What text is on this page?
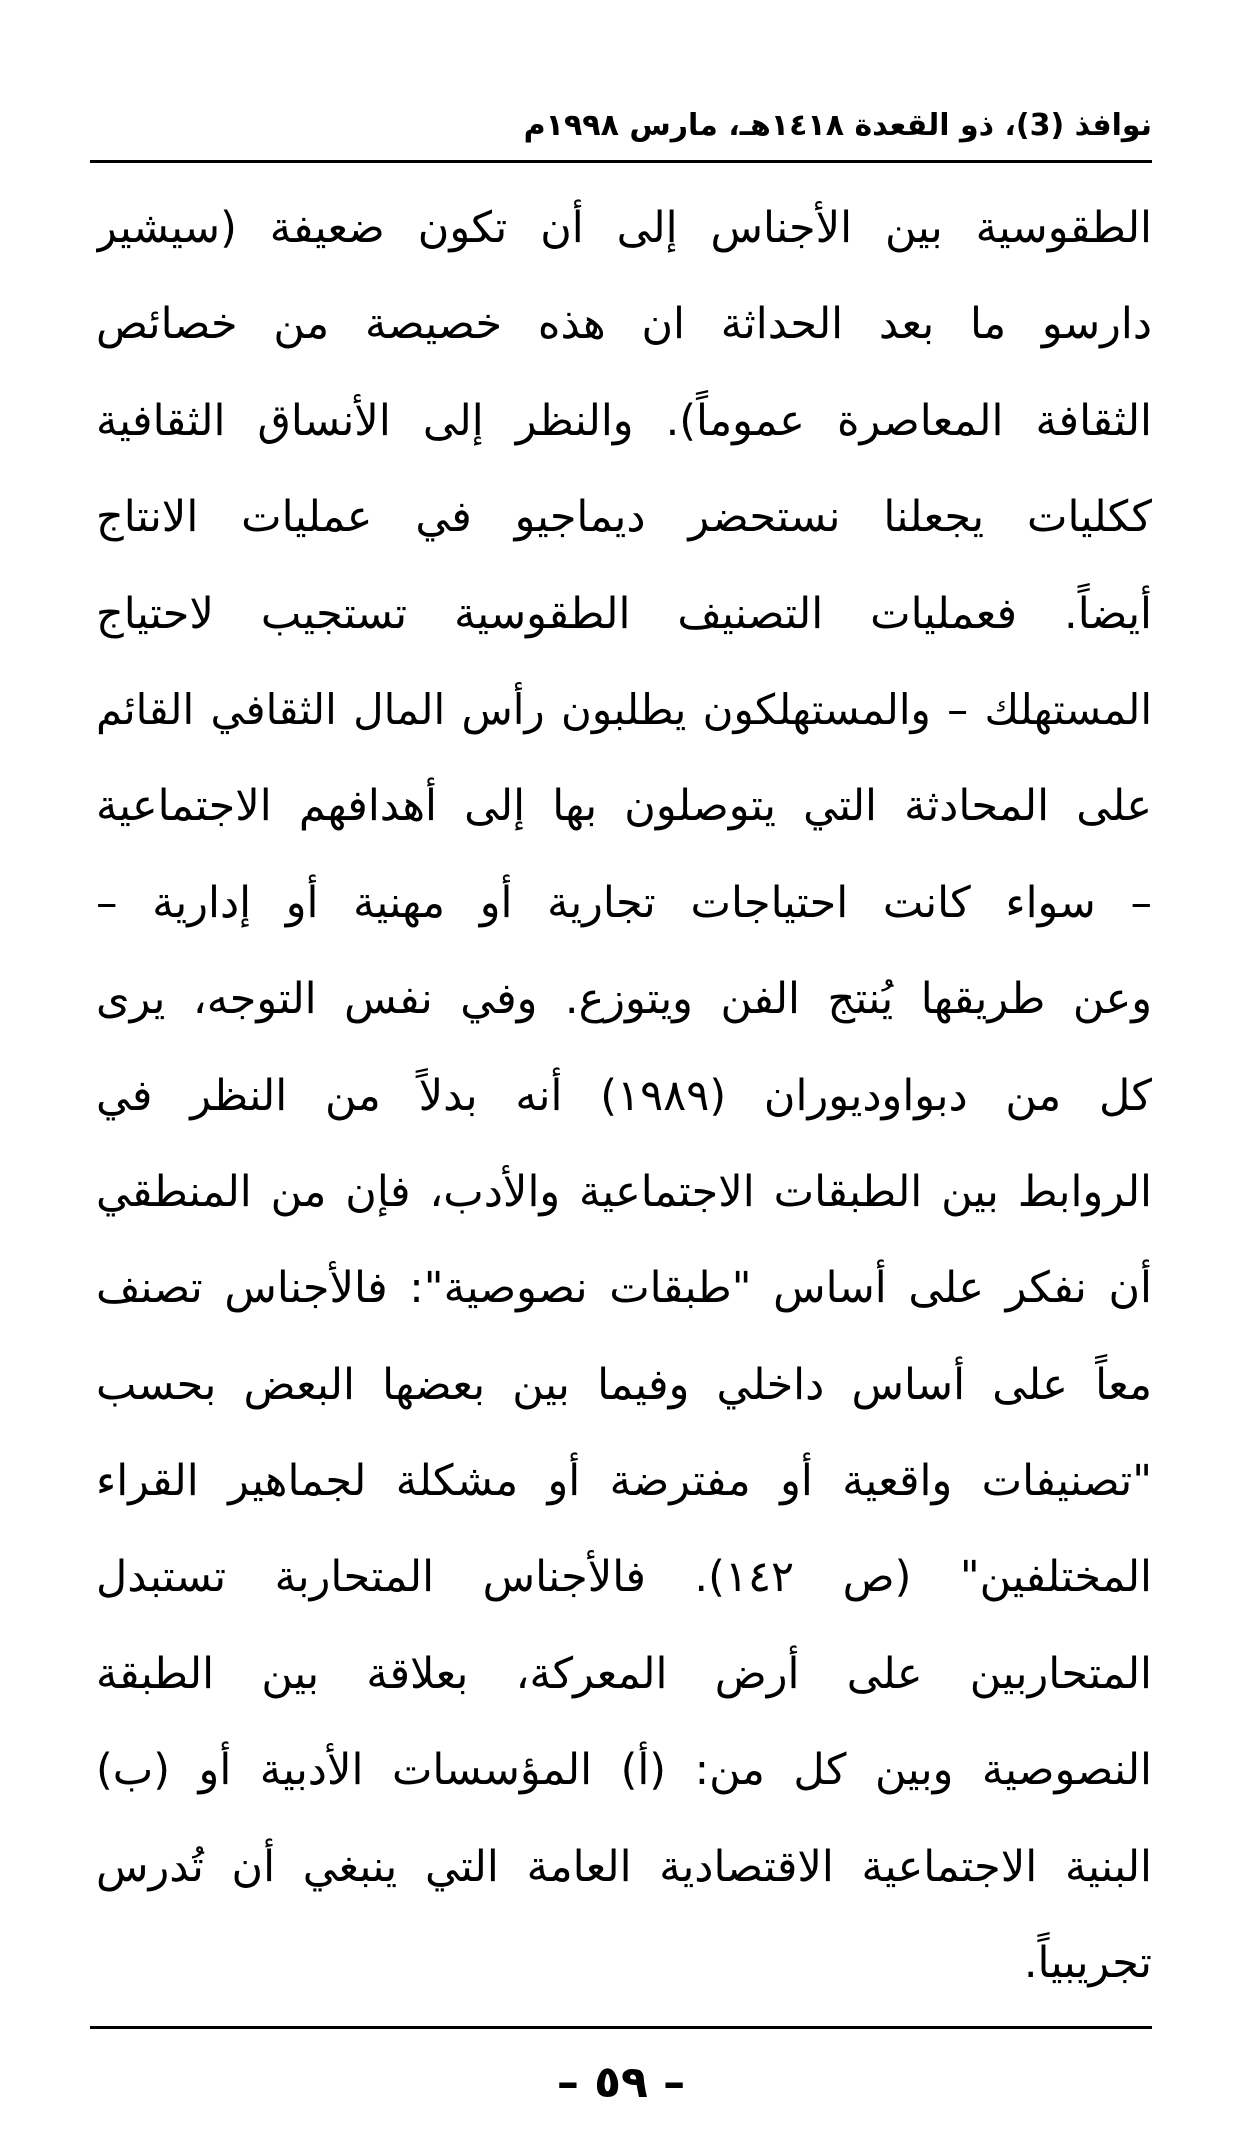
نوافذ (3)، ذو القعدة ١٤١٨هـ، مارس ١٩٩٨م
الطقوسية بين الأجناس إلى أن تكون ضعيفة (سيشير
دارسو ما بعد الحداثة ان هذه خصيصة من خصائص
الثقافة المعاصرة عموماً). والنظر إلى الأنساق الثقافية
ككليات يجعلنا نستحضر ديماجيو في عمليات الانتاج
أيضاً. فعمليات التصنيف الطقوسية تستجيب لاحتياج
المستهلك – والمستهلكون يطلبون رأس المال الثقافي القائم
على المحادثة التي يتوصلون بها إلى أهدافهم الاجتماعية
– سواء كانت احتياجات تجارية أو مهنية أو إدارية –
وعن طريقها يُنتج الفن ويتوزع. وفي نفس التوجه، يرى
كل من دبواوديوران (١٩٨٩) أنه بدلاً من النظر في
الروابط بين الطبقات الاجتماعية والأدب، فإن من المنطقي
أن نفكر على أساس "طبقات نصوصية": فالأجناس تصنف
معاً على أساس داخلي وفيما بين بعضها البعض بحسب
"تصنيفات واقعية أو مفترضة أو مشكلة لجماهير القراء
المختلفين" (ص ١٤٢). فالأجناس المتحاربة تستبدل
المتحاربين على أرض المعركة، بعلاقة بين الطبقة
النصوصية وبين كل من: (أ) المؤسسات الأدبية أو (ب)
البنية الاجتماعية الاقتصادية العامة التي ينبغي أن تُدرس
تجريبياً.
– ٥٩ –
